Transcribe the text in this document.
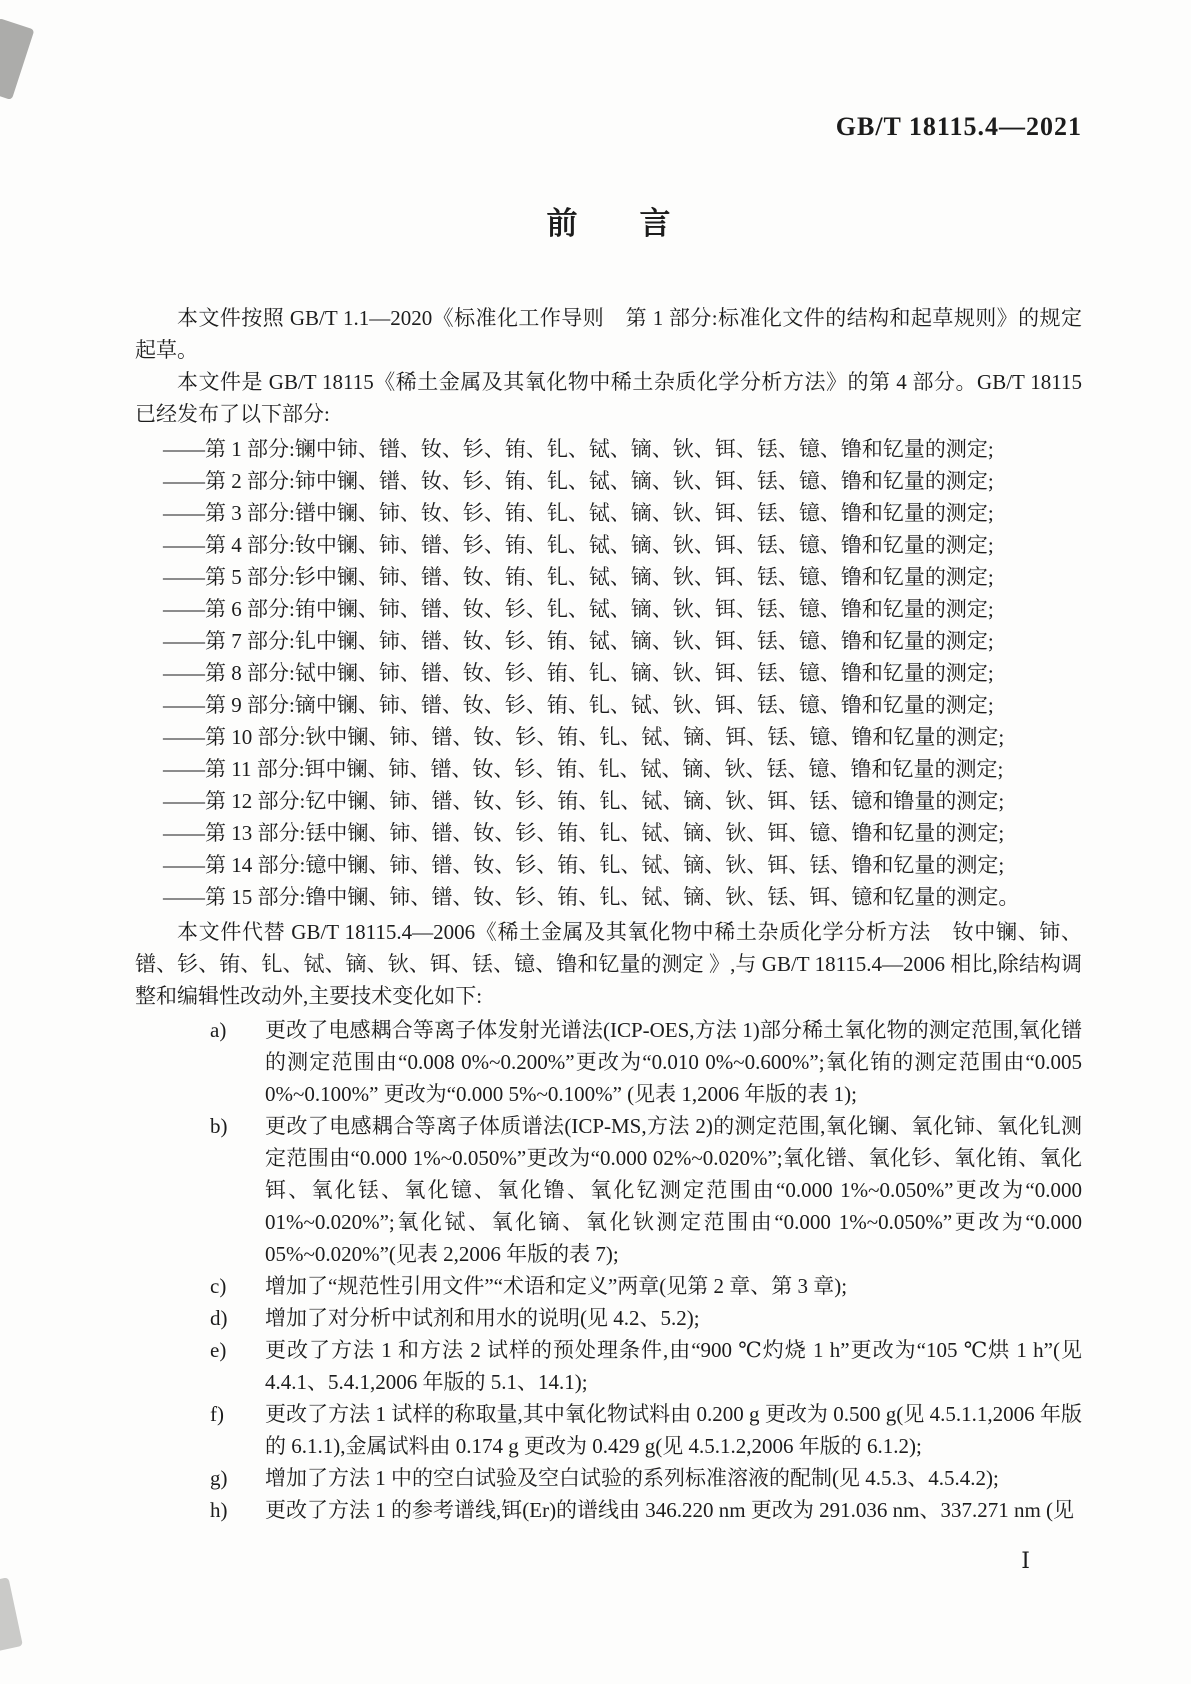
GB/T 18115.4—2021
前　　言

本文件按照 GB/T 1.1—2020《标准化工作导则　第 1 部分:标准化文件的结构和起草规则》的规定起草。

本文件是 GB/T 18115《稀土金属及其氧化物中稀土杂质化学分析方法》的第 4 部分。GB/T 18115 已经发布了以下部分:

——第 1 部分:镧中铈、镨、钕、钐、铕、钆、铽、镝、钬、铒、铥、镱、镥和钇量的测定;
——第 2 部分:铈中镧、镨、钕、钐、铕、钆、铽、镝、钬、铒、铥、镱、镥和钇量的测定;
——第 3 部分:镨中镧、铈、钕、钐、铕、钆、铽、镝、钬、铒、铥、镱、镥和钇量的测定;
——第 4 部分:钕中镧、铈、镨、钐、铕、钆、铽、镝、钬、铒、铥、镱、镥和钇量的测定;
——第 5 部分:钐中镧、铈、镨、钕、铕、钆、铽、镝、钬、铒、铥、镱、镥和钇量的测定;
——第 6 部分:铕中镧、铈、镨、钕、钐、钆、铽、镝、钬、铒、铥、镱、镥和钇量的测定;
——第 7 部分:钆中镧、铈、镨、钕、钐、铕、铽、镝、钬、铒、铥、镱、镥和钇量的测定;
——第 8 部分:铽中镧、铈、镨、钕、钐、铕、钆、镝、钬、铒、铥、镱、镥和钇量的测定;
——第 9 部分:镝中镧、铈、镨、钕、钐、铕、钆、铽、钬、铒、铥、镱、镥和钇量的测定;
——第 10 部分:钬中镧、铈、镨、钕、钐、铕、钆、铽、镝、铒、铥、镱、镥和钇量的测定;
——第 11 部分:铒中镧、铈、镨、钕、钐、铕、钆、铽、镝、钬、铥、镱、镥和钇量的测定;
——第 12 部分:钇中镧、铈、镨、钕、钐、铕、钆、铽、镝、钬、铒、铥、镱和镥量的测定;
——第 13 部分:铥中镧、铈、镨、钕、钐、铕、钆、铽、镝、钬、铒、镱、镥和钇量的测定;
——第 14 部分:镱中镧、铈、镨、钕、钐、铕、钆、铽、镝、钬、铒、铥、镥和钇量的测定;
——第 15 部分:镥中镧、铈、镨、钕、钐、铕、钆、铽、镝、钬、铥、铒、镱和钇量的测定。

本文件代替 GB/T 18115.4—2006《稀土金属及其氧化物中稀土杂质化学分析方法　钕中镧、铈、镨、钐、铕、钆、铽、镝、钬、铒、铥、镱、镥和钇量的测定 》,与 GB/T 18115.4—2006 相比,除结构调整和编辑性改动外,主要技术变化如下:

a)	更改了电感耦合等离子体发射光谱法(ICP-OES,方法 1)部分稀土氧化物的测定范围,氧化镨的测定范围由“0.008 0%~0.200%”更改为“0.010 0%~0.600%”;氧化铕的测定范围由“0.005 0%~0.100%” 更改为“0.000 5%~0.100%” (见表 1,2006 年版的表 1);
b)	更改了电感耦合等离子体质谱法(ICP-MS,方法 2)的测定范围,氧化镧、氧化铈、氧化钆测定范围由“0.000 1%~0.050%”更改为“0.000 02%~0.020%”;氧化镨、氧化钐、氧化铕、氧化铒、氧化铥、氧化镱、氧化镥、氧化钇测定范围由“0.000 1%~0.050%”更改为“0.000 01%~0.020%”;氧化铽、氧化镝、氧化钬测定范围由“0.000 1%~0.050%”更改为“0.000 05%~0.020%”(见表 2,2006 年版的表 7);
c)	增加了“规范性引用文件”“术语和定义”两章(见第 2 章、第 3 章);
d)	增加了对分析中试剂和用水的说明(见 4.2、5.2);
e)	更改了方法 1 和方法 2 试样的预处理条件,由“900 ℃灼烧 1 h”更改为“105 ℃烘 1 h”(见 4.4.1、5.4.1,2006 年版的 5.1、14.1);
f)	更改了方法 1 试样的称取量,其中氧化物试料由 0.200 g 更改为 0.500 g(见 4.5.1.1,2006 年版的 6.1.1),金属试料由 0.174 g 更改为 0.429 g(见 4.5.1.2,2006 年版的 6.1.2);
g)	增加了方法 1 中的空白试验及空白试验的系列标准溶液的配制(见 4.5.3、4.5.4.2);
h)	更改了方法 1 的参考谱线,铒(Er)的谱线由 346.220 nm 更改为 291.036 nm、337.271 nm (见
Ⅰ
